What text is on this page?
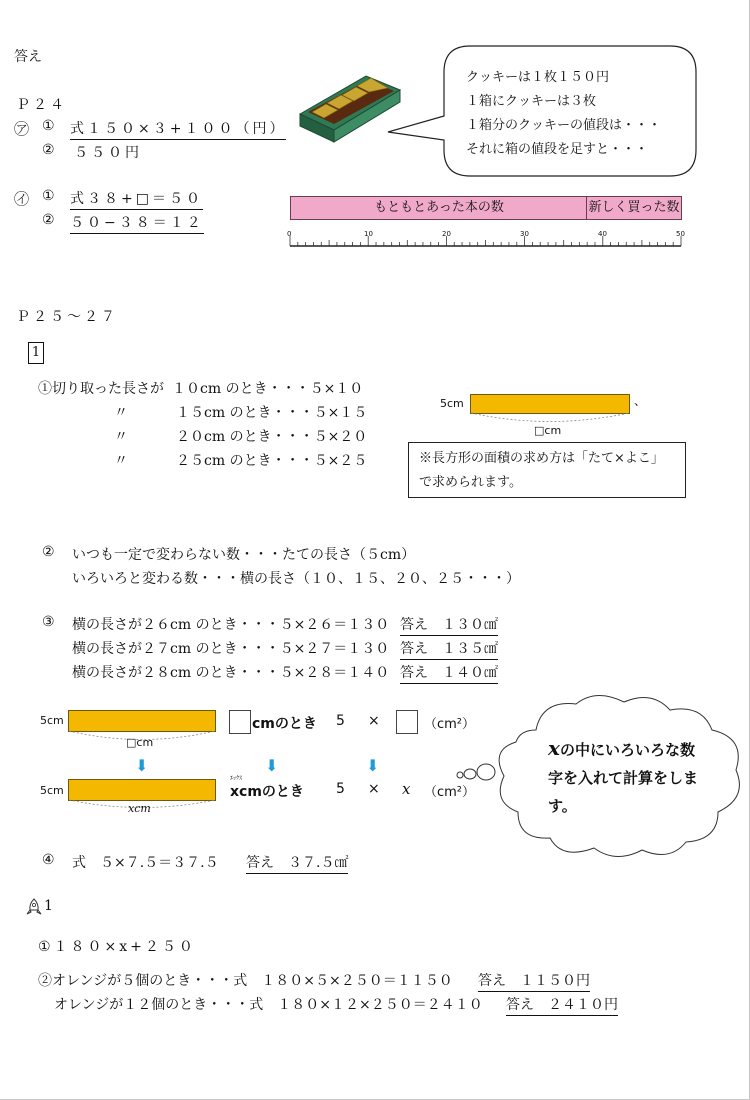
答え
Ｐ２４
㋐ ① 式１５０×３+１００（円）
② ５５０円
㋑ ① 式３８+□＝５０
② ５０−３８＝１２
クッキーは１枚１５０円
１箱にクッキーは３枚
１箱分のクッキーの値段は・・・
それに箱の値段を足すと・・・
もともとあった本の数	新しく買った数
0	10	20	30	40	50
Ｐ２５〜２７
1
①切り取った長さが １０cm のとき・・・５×１０
〃	１５cm のとき・・・５×１５
〃	２０cm のとき・・・５×２０
〃	２５cm のとき・・・５×２５
5cm	、
□cm
※長方形の面積の求め方は「たて×よこ」
で求められます。
② いつも一定で変わらない数・・・たての長さ（５cm）
いろいろと変わる数・・・横の長さ（１０、１５、２０、２５・・・）
③ 横の長さが２６cm のとき・・・５×２６＝１３０ 答え　１３０㎠
横の長さが２７cm のとき・・・５×２７＝１３０ 答え　１３５㎠
横の長さが２８cm のとき・・・５×２８＝１４０ 答え　１４０㎠
5cm
□cm
cmのとき 5 ×	（cm²）
⬇	⬇	⬇
5cm
xcm
ｴｯｸｽ
xcmのとき 5 × x （cm²）
xの中にいろいろな数
字を入れて計算をしま
す。
④ 式　５×７.５＝３７.５ 答え　３７.５㎠
1
①１８０×x+２５０
②オレンジが５個のとき・・・式　１８０×５×２５０＝１１５０ 答え　１１５０円
オレンジが１２個のとき・・・式　１８０×１２×２５０＝２４１０ 答え　２４１０円
